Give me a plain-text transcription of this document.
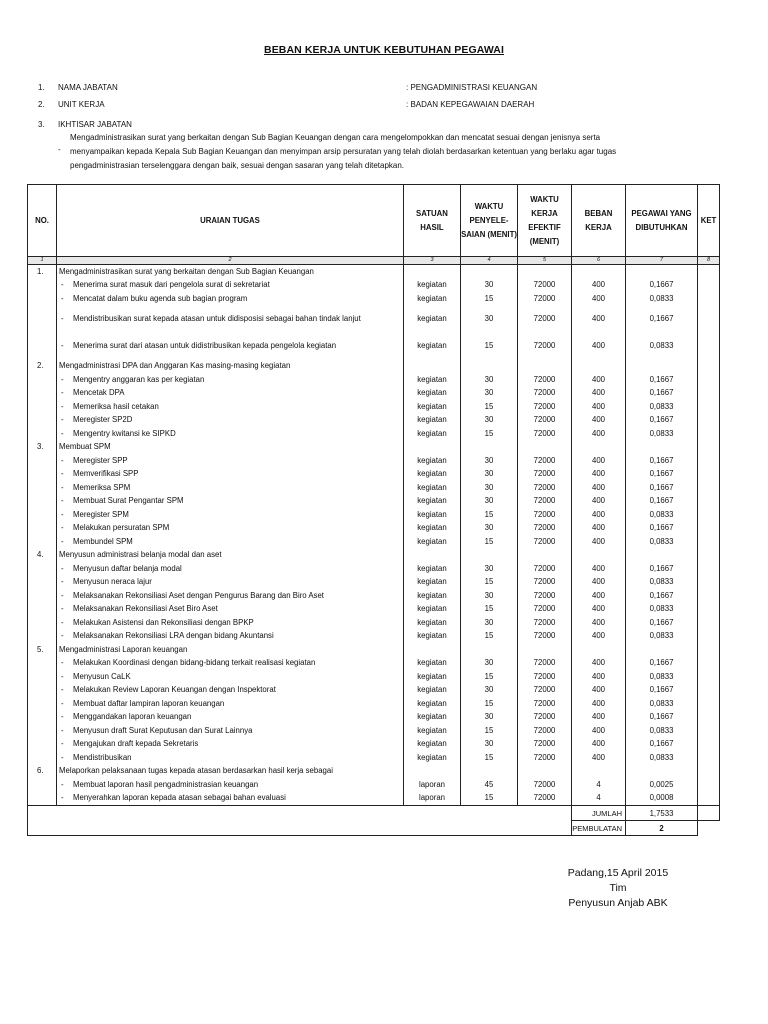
BEBAN KERJA UNTUK KEBUTUHAN PEGAWAI
1. NAMA JABATAN	: PENGADMINISTRASI KEUANGAN
2. UNIT KERJA	: BADAN KEPEGAWAIAN DAERAH
3. IKHTISAR JABATAN
-
Mengadministrasikan surat yang berkaitan dengan Sub Bagian Keuangan dengan cara mengelompokkan dan mencatat sesuai dengan jenisnya serta
menyampaikan kepada Kepala Sub Bagian Keuangan dan menyimpan arsip persuratan yang telah diolah berdasarkan ketentuan yang berlaku agar tugas
pengadministrasian terselenggara dengan baik, sesuai dengan sasaran yang telah ditetapkan.
NO.	URAIAN TUGAS	SATUAN HASIL	WAKTU PENYELE-SAIAN (MENIT)	WAKTU KERJA EFEKTIF (MENIT)	BEBAN KERJA	PEGAWAI YANG DIBUTUHKAN	KET
1	2	3	4	5	6	7	8
1.	Mengadministrasikan surat yang berkaitan dengan Sub Bagian Keuangan						

	- Menerima surat masuk dari pengelola surat di sekretariat	kegiatan	30	72000	400	0,1667	

	- Mencatat dalam buku agenda sub bagian program	kegiatan	15	72000	400	0,0833	

	- Mendistribusikan surat kepada atasan untuk didisposisi sebagai bahan tindak lanjut	kegiatan	30	72000	400	0,1667	

	- Menerima surat dari atasan untuk didistribusikan kepada pengelola kegiatan	kegiatan	15	72000	400	0,0833	
2.	Mengadministrasi DPA dan Anggaran Kas masing-masing kegiatan						

	- Mengentry anggaran kas per kegiatan	kegiatan	30	72000	400	0,1667	

	- Mencetak DPA	kegiatan	30	72000	400	0,1667	

	- Memeriksa hasil cetakan	kegiatan	15	72000	400	0,0833	

	- Meregister SP2D	kegiatan	30	72000	400	0,1667	

	- Mengentry kwitansi ke SIPKD	kegiatan	15	72000	400	0,0833	
3.	Membuat SPM						

	- Meregister SPP	kegiatan	30	72000	400	0,1667	

	- Memverifikasi SPP	kegiatan	30	72000	400	0,1667	

	- Memeriksa SPM	kegiatan	30	72000	400	0,1667	

	- Membuat Surat Pengantar SPM	kegiatan	30	72000	400	0,1667	

	- Meregister SPM	kegiatan	15	72000	400	0,0833	

	- Melakukan persuratan SPM	kegiatan	30	72000	400	0,1667	

	- Membundel SPM	kegiatan	15	72000	400	0,0833	
4.	Menyusun administrasi belanja modal dan aset						

	- Menyusun daftar belanja modal	kegiatan	30	72000	400	0,1667	

	- Menyusun neraca lajur	kegiatan	15	72000	400	0,0833	

	- Melaksanakan Rekonsiliasi Aset dengan Pengurus Barang dan Biro Aset	kegiatan	30	72000	400	0,1667	

	- Melaksanakan Rekonsiliasi Aset Biro Aset	kegiatan	15	72000	400	0,0833	

	- Melakukan Asistensi dan Rekonsiliasi dengan BPKP	kegiatan	30	72000	400	0,1667	

	- Melaksanakan Rekonsiliasi LRA dengan bidang Akuntansi	kegiatan	15	72000	400	0,0833	
5.	Mengadministrasi Laporan keuangan						

	- Melakukan Koordinasi dengan bidang-bidang terkait realisasi kegiatan	kegiatan	30	72000	400	0,1667	

	- Menyusun CaLK	kegiatan	15	72000	400	0,0833	

	- Melakukan Review Laporan Keuangan dengan Inspektorat	kegiatan	30	72000	400	0,1667	

	- Membuat daftar lampiran laporan keuangan	kegiatan	15	72000	400	0,0833	

	- Menggandakan laporan keuangan	kegiatan	30	72000	400	0,1667	

	- Menyusun draft Surat Keputusan dan Surat Lainnya	kegiatan	15	72000	400	0,0833	

	- Mengajukan draft kepada Sekretaris	kegiatan	30	72000	400	0,1667	

	- Mendistribusikan	kegiatan	15	72000	400	0,0833	
6.	Melaporkan pelaksanaan tugas kepada atasan berdasarkan hasil kerja sebagai						

	- Membuat laporan hasil pengadministrasian keuangan	laporan	45	72000	4	0,0025	

	- Menyerahkan laporan kepada atasan sebagai bahan evaluasi	laporan	15	72000	4	0,0008	
					JUMLAH	1,7533	
					PEMBULATAN	2	
Padang,15 April 2015
Tim
Penyusun Anjab ABK
